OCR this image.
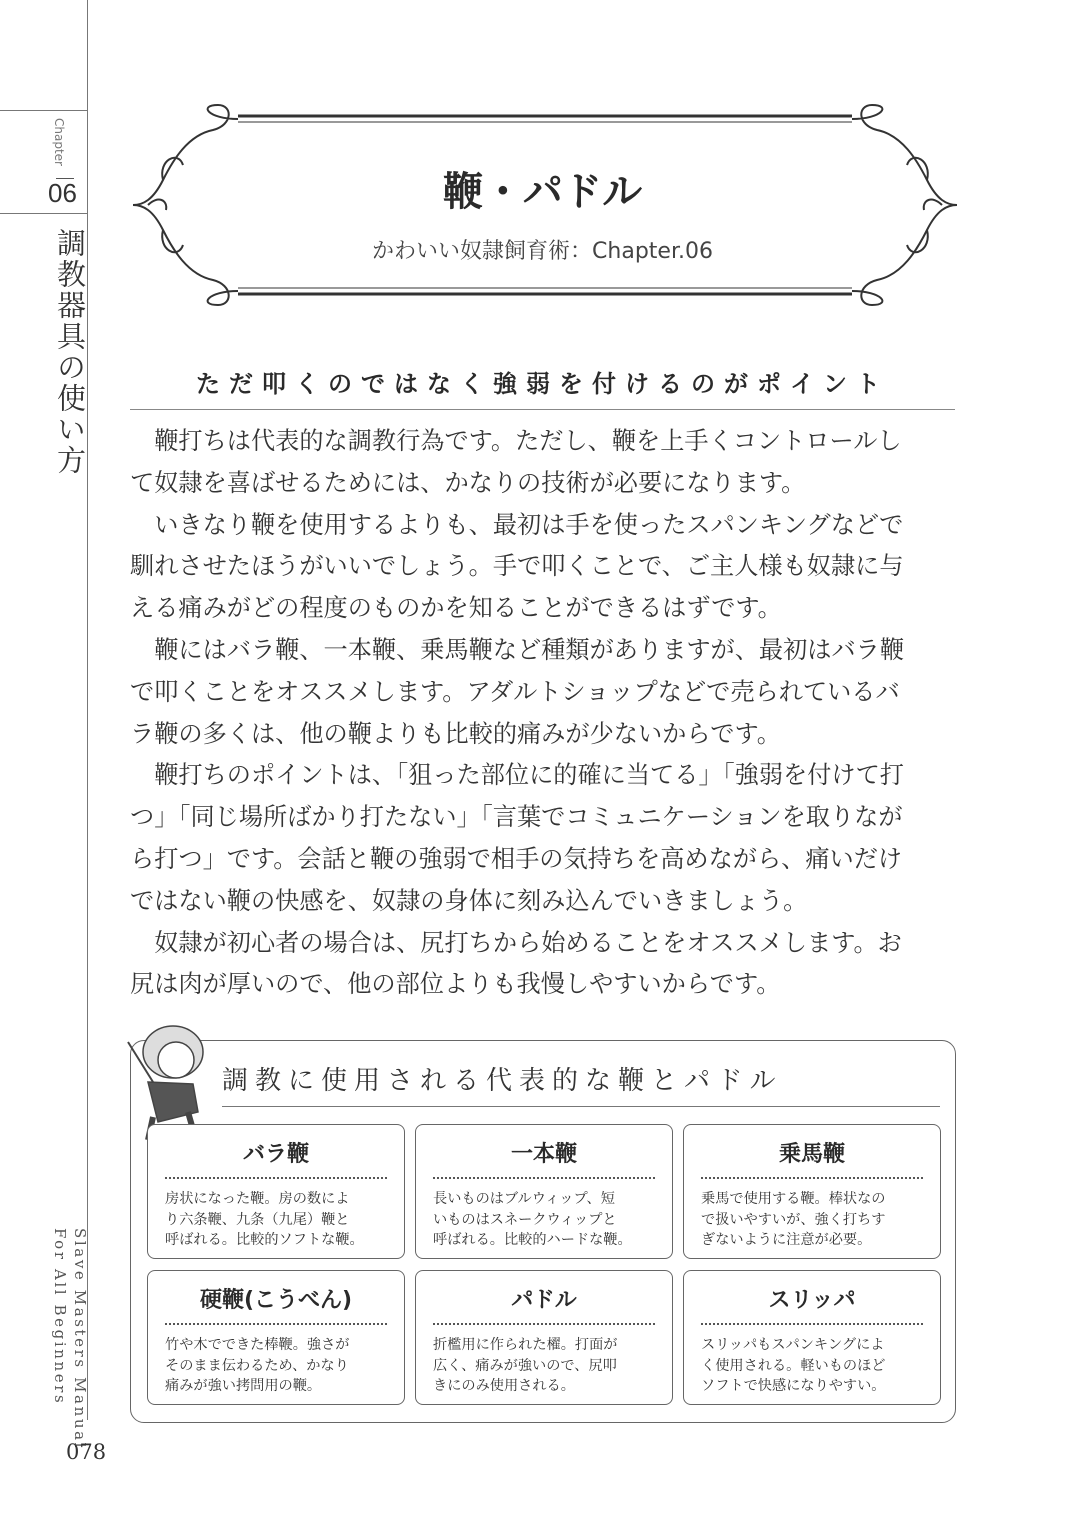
Chapter
06
調教器具の使い方
Slave Masters Manual
For All Beginners
078
鞭・パドル
かわいい奴隷飼育術：Chapter.06
ただ叩くのではなく強弱を付けるのがポイント
　鞭打ちは代表的な調教行為です。ただし、鞭を上手くコントロールし
て奴隷を喜ばせるためには、かなりの技術が必要になります。
　いきなり鞭を使用するよりも、最初は手を使ったスパンキングなどで
馴れさせたほうがいいでしょう。手で叩くことで、ご主人様も奴隷に与
える痛みがどの程度のものかを知ることができるはずです。
　鞭にはバラ鞭、一本鞭、乗馬鞭など種類がありますが、最初はバラ鞭
で叩くことをオススメします。アダルトショップなどで売られているバ
ラ鞭の多くは、他の鞭よりも比較的痛みが少ないからです。
　鞭打ちのポイントは、「狙った部位に的確に当てる」「強弱を付けて打
つ」「同じ場所ばかり打たない」「言葉でコミュニケーションを取りなが
ら打つ」です。会話と鞭の強弱で相手の気持ちを高めながら、痛いだけ
ではない鞭の快感を、奴隷の身体に刻み込んでいきましょう。
　奴隷が初心者の場合は、尻打ちから始めることをオススメします。お
尻は肉が厚いので、他の部位よりも我慢しやすいからです。
調教に使用される代表的な鞭とパドル
バラ鞭
房状になった鞭。房の数によ
り六条鞭、九条（九尾）鞭と
呼ばれる。比較的ソフトな鞭。
一本鞭
長いものはブルウィップ、短
いものはスネークウィップと
呼ばれる。比較的ハードな鞭。
乗馬鞭
乗馬で使用する鞭。棒状なの
で扱いやすいが、強く打ちす
ぎないように注意が必要。
硬鞭(こうべん)
竹や木でできた棒鞭。強さが
そのまま伝わるため、かなり
痛みが強い拷問用の鞭。
パドル
折檻用に作られた櫂。打面が
広く、痛みが強いので、尻叩
きにのみ使用される。
スリッパ
スリッパもスパンキングによ
く使用される。軽いものほど
ソフトで快感になりやすい。
